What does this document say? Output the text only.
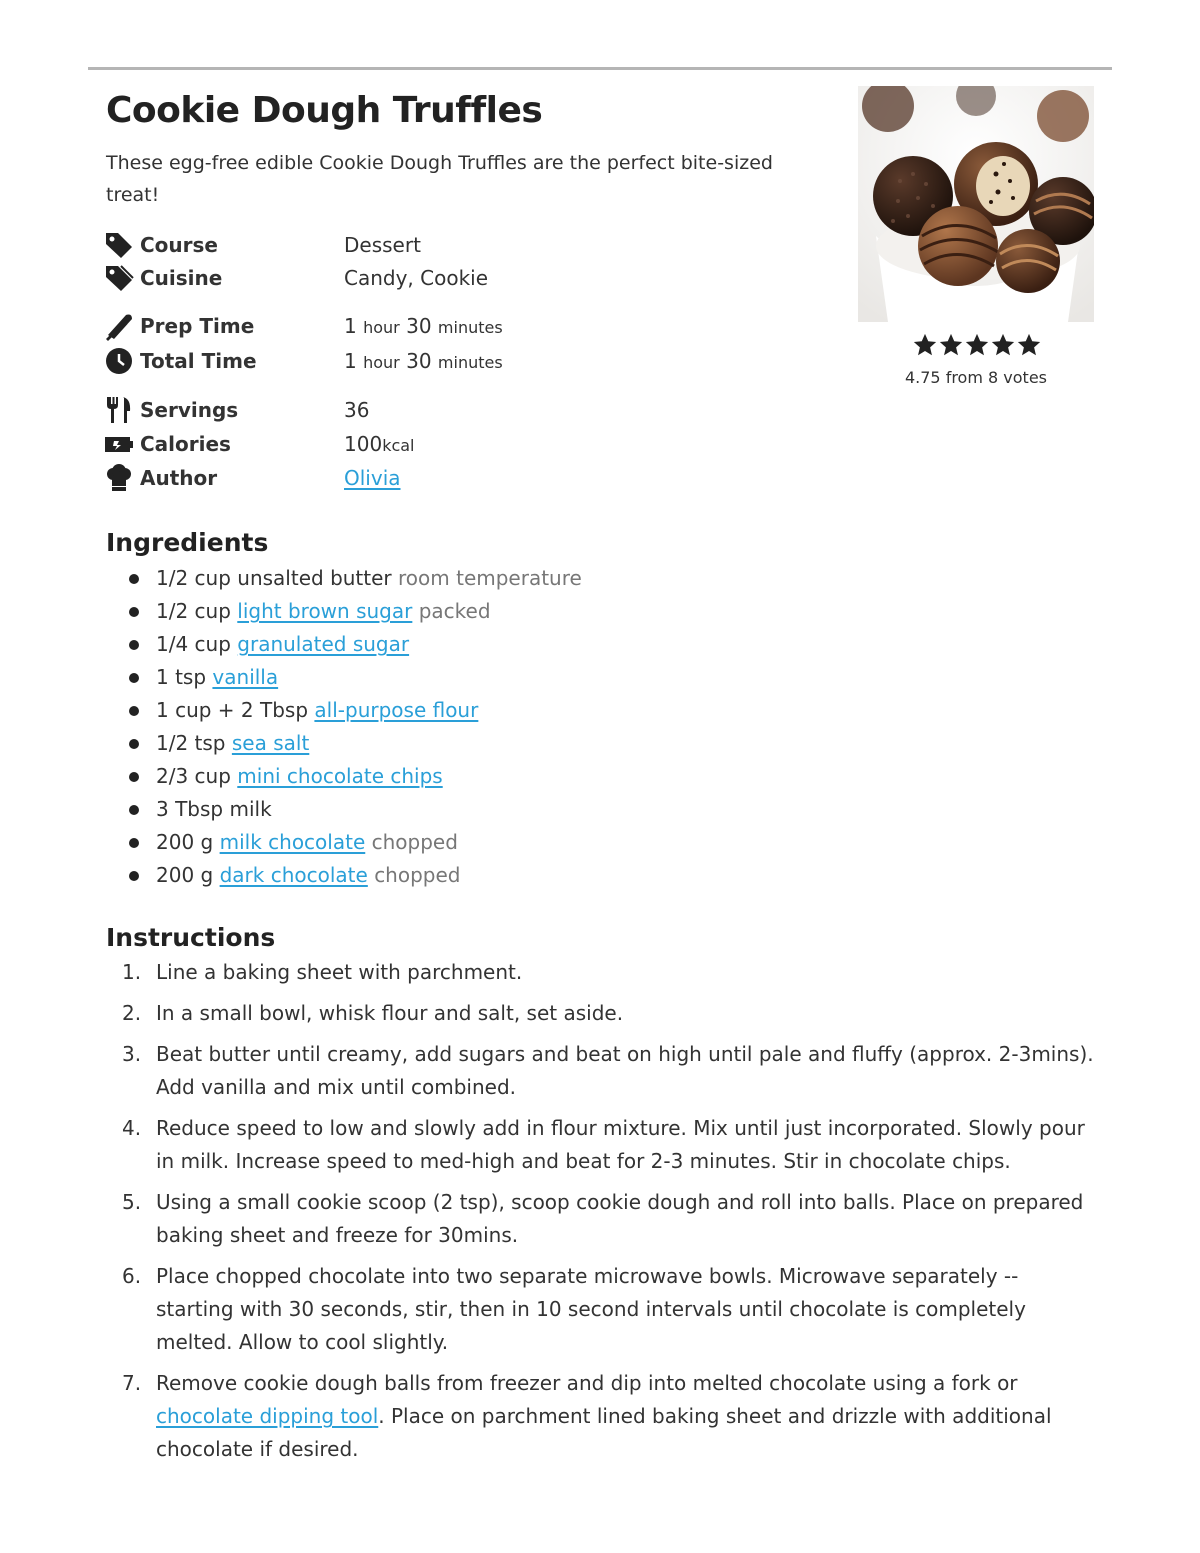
Cookie Dough Truffles
These egg-free edible Cookie Dough Truffles are the perfect bite-sized treat!
Course	Dessert
Cuisine	Candy, Cookie
Prep Time	1 hour 30 minutes
Total Time	1 hour 30 minutes
Servings	36
Calories	100kcal
Author	Olivia
4.75 from 8 votes
Ingredients
1/2 cup unsalted butter room temperature
1/2 cup light brown sugar packed
1/4 cup granulated sugar
1 tsp vanilla
1 cup + 2 Tbsp all-purpose flour
1/2 tsp sea salt
2/3 cup mini chocolate chips
3 Tbsp milk
200 g milk chocolate chopped
200 g dark chocolate chopped
Instructions
1. Line a baking sheet with parchment.
2. In a small bowl, whisk flour and salt, set aside.
3. Beat butter until creamy, add sugars and beat on high until pale and fluffy (approx. 2-3mins). Add vanilla and mix until combined.
4. Reduce speed to low and slowly add in flour mixture. Mix until just incorporated. Slowly pour in milk. Increase speed to med-high and beat for 2-3 minutes. Stir in chocolate chips.
5. Using a small cookie scoop (2 tsp), scoop cookie dough and roll into balls. Place on prepared baking sheet and freeze for 30mins.
6. Place chopped chocolate into two separate microwave bowls. Microwave separately -- starting with 30 seconds, stir, then in 10 second intervals until chocolate is completely melted. Allow to cool slightly.
7. Remove cookie dough balls from freezer and dip into melted chocolate using a fork or chocolate dipping tool. Place on parchment lined baking sheet and drizzle with additional chocolate if desired.
